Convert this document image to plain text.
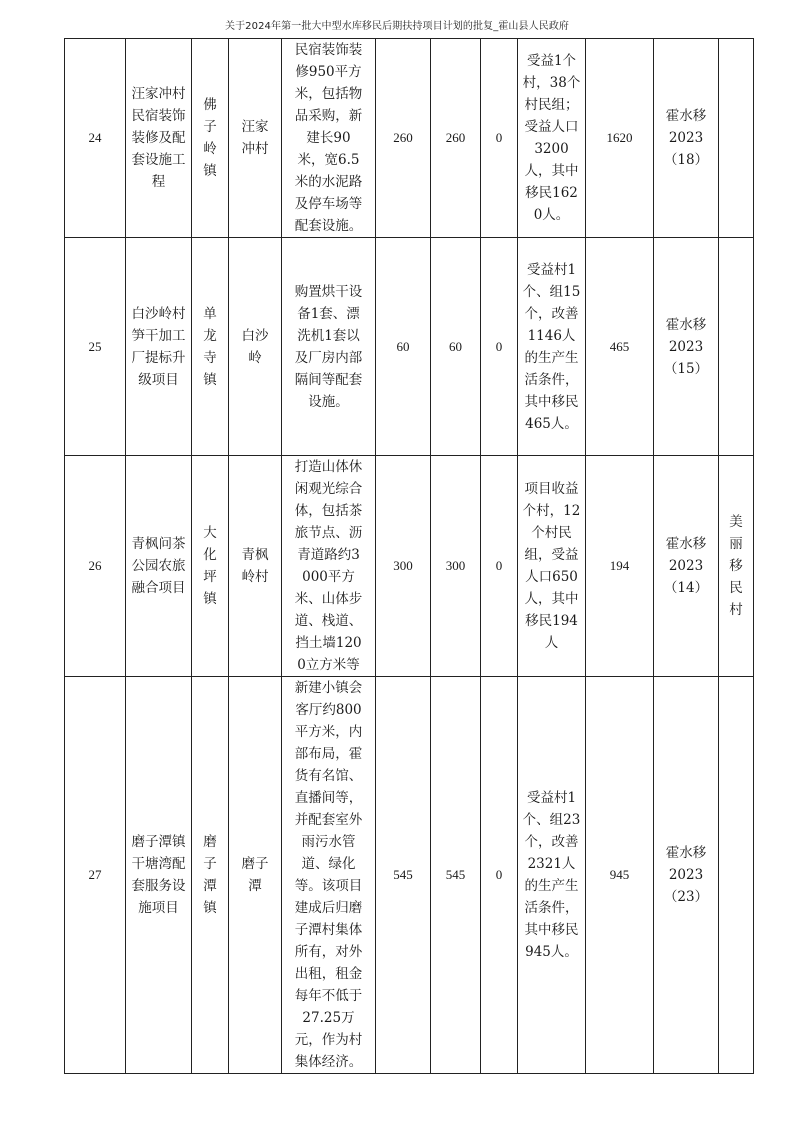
关于2024年第一批大中型水库移民后期扶持项目计划的批复_霍山县人民政府
24	汪家冲村民宿装饰装修及配套设施工程	佛子岭镇	汪家冲村	民宿装饰装修950平方米，包括物品采购，新建长90米，宽6.5米的水泥路及停车场等配套设施。	260	260	0	受益1个村，38个村民组；受益人口3200人，其中移民1620人。	1620	霍水移2023（18）	

25	白沙岭村笋干加工厂提标升级项目	单龙寺镇	白沙岭	购置烘干设备1套、漂洗机1套以及厂房内部隔间等配套设施。	60	60	0	受益村1个、组15个，改善1146人的生产生活条件，其中移民465人。	465	霍水移2023（15）	

26	青枫问茶公园农旅融合项目	大化坪镇	青枫岭村	打造山体休闲观光综合体，包括茶旅节点、沥青道路约3000平方米、山体步道、栈道、挡土墙1200立方米等	300	300	0	项目收益个村，12个村民组，受益人口650人，其中移民194人	194	霍水移2023（14）	美丽移民村

27	磨子潭镇干塘湾配套服务设施项目	磨子潭镇	磨子潭	新建小镇会客厅约800平方米，内部布局，霍货有名馆、直播间等，并配套室外雨污水管道、绿化等。该项目建成后归磨子潭村集体所有，对外出租，租金每年不低于27.25万元，作为村集体经济。	545	545	0	受益村1个、组23个，改善2321人的生产生活条件，其中移民945人。	945	霍水移2023（23）	
